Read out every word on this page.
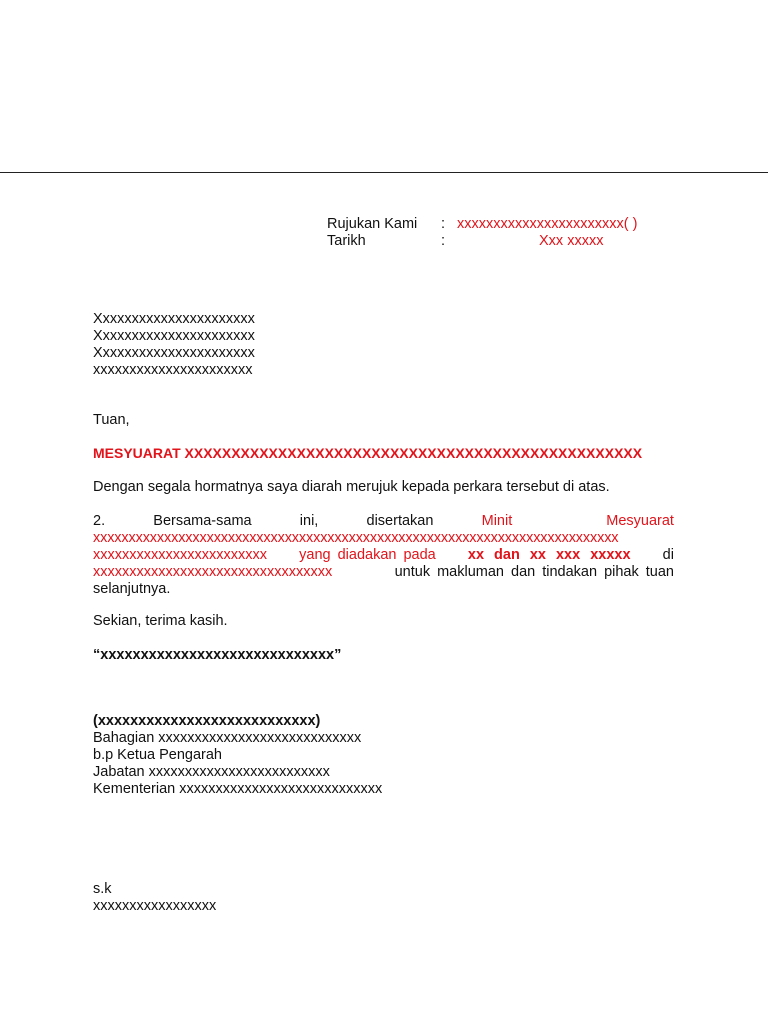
Rujukan Kami : xxxxxxxxxxxxxxxxxxxxxxx( )
Tarikh	:	Xxx xxxxx
Xxxxxxxxxxxxxxxxxxxxxx
Xxxxxxxxxxxxxxxxxxxxxx
Xxxxxxxxxxxxxxxxxxxxxx
xxxxxxxxxxxxxxxxxxxxxx
Tuan,
MESYUARAT XXXXXXXXXXXXXXXXXXXXXXXXXXXXXXXXXXXXXXXXXXXXXXXXX
Dengan segala hormatnya saya diarah merujuk kepada perkara tersebut di atas.
2.	Bersama-sama	ini,	disertakan	Minit Mesyuarat
xxxxxxxxxxxxxxxxxxxxxxxxxxxxxxxxxxxxxxxxxxxxxxxxxxxxxxxxxxxxxxxxxxxxxxxxxx
xxxxxxxxxxxxxxxxxxxxxxxx yang diadakan pada xx dan xx xxx xxxxx di
xxxxxxxxxxxxxxxxxxxxxxxxxxxxxxxxx	untuk makluman dan tindakan pihak tuan
selanjutnya.
Sekian, terima kasih.
“xxxxxxxxxxxxxxxxxxxxxxxxxxxxx”
(xxxxxxxxxxxxxxxxxxxxxxxxxxx)
Bahagian xxxxxxxxxxxxxxxxxxxxxxxxxxxx
b.p Ketua Pengarah
Jabatan xxxxxxxxxxxxxxxxxxxxxxxxx
Kementerian xxxxxxxxxxxxxxxxxxxxxxxxxxxx
s.k
xxxxxxxxxxxxxxxxx
